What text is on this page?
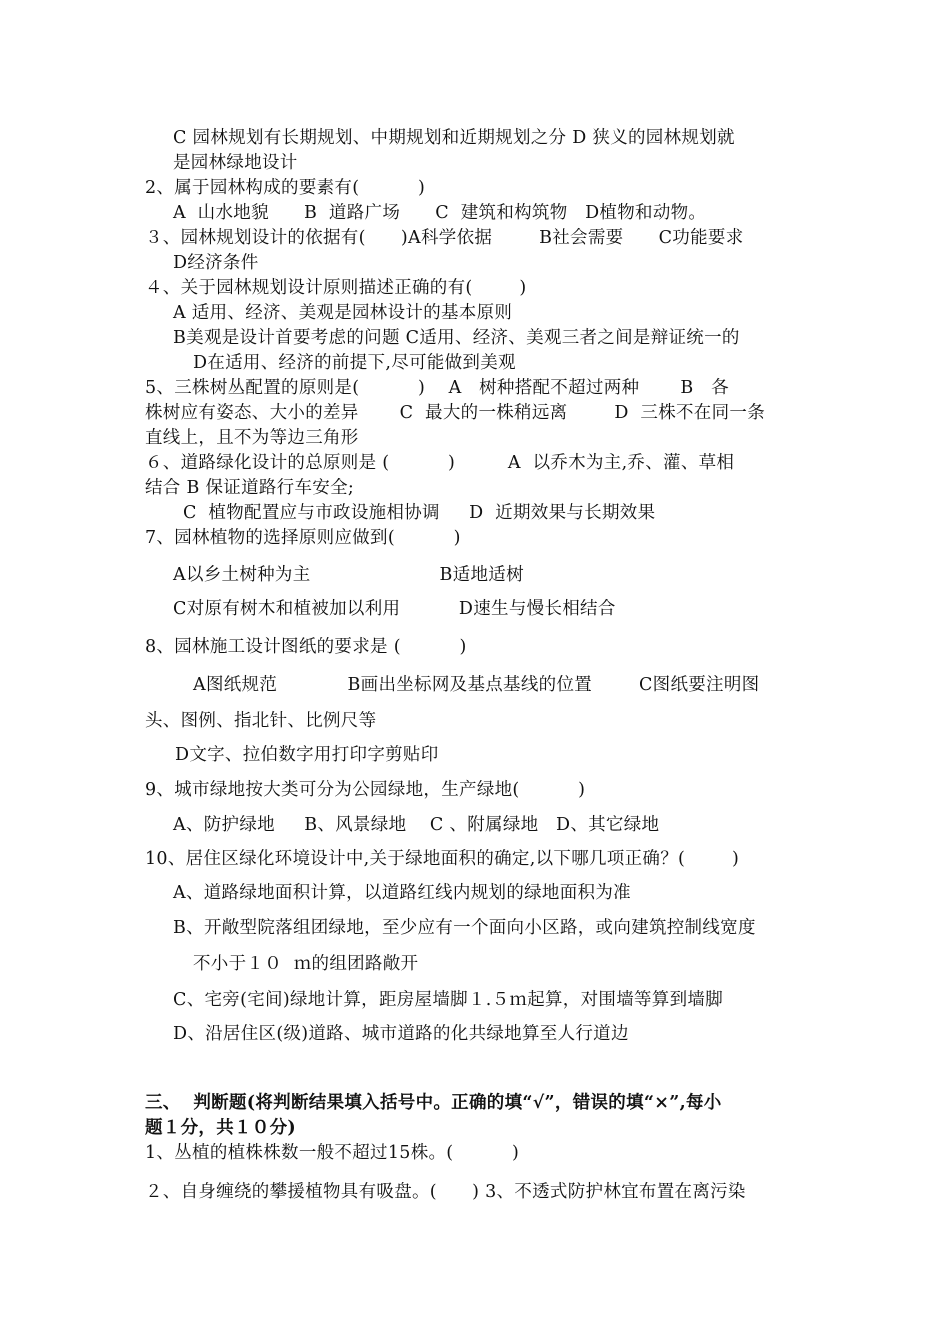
C 园林规划有长期规划、中期规划和近期规划之分 ﻿D 狭义的园林规划就
是园林绿地设计
2、属于园林构成的要素有(          )
A  山水地貌      B  道路广场      C  建筑和构筑物   D植物和动物。
３、园林规划设计的依据有(      )﻿A科学依据        B社会需要      C功能要求
D经济条件
４、关于园林规划设计原则描述正确的有(        )
A 适用、经济、美观是园林设计的基本原则
B美观是设计首要考虑的问题 ﻿C适用、经济、美观三者之间是辩证统一的
D在适用、经济的前提下,尽可能做到美观
5、三株树丛配置的原则是(          )﻿    A   树种搭配不超过两种       B   各
株树应有姿态、大小的差异  ﻿     C  最大的一株稍远离        D  三株不在同一条
直线上，且不为等边三角形
６、道路绿化设计的总原则是 (          )﻿         A  以乔木为主,乔、灌、草相
结合 B 保证道路行车安全;
C  植物配置应与市政设施相协调     D  近期效果与长期效果
7、园林植物的选择原则应做到(          )
A以乡土树种为主                      B适地适树
C对原有树木和植被加以利用          D速生与慢长相结合
8、园林施工设计图纸的要求是 (          )
A图纸规范            B画出坐标网及基点基线的位置﻿        C图纸要注明图
头、图例、指北针、比例尺等
D文字、拉伯数字用打印字剪贴印
9、城市绿地按大类可分为公园绿地，生产绿地(          )
A、防护绿地     B、风景绿地    C 、附属绿地   D、其它绿地
10、居住区绿化环境设计中,关于绿地面积的确定,以下哪几项正确？(        )
A、道路绿地面积计算，以道路红线内规划的绿地面积为准
B、开敞型院落组团绿地，至少应有一个面向小区路，或向建筑控制线宽度
不小于１０  ｍ的组团路敞开
C、宅旁(宅间)绿地计算，距房屋墙脚１.５ｍ起算，对围墙等算到墙脚
D、沿居住区(级)道路、城市道路的化共绿地算至人行道边
三、  判断题(将判断结果填入括号中。正确的填“√”，错误的填“×”,每小
题１分，共１０分)
1、丛植的植株株数一般不超过15株。(          )
２、自身缠绕的攀援植物具有吸盘。(      ) 3﻿、不透式防护林宜布置在离污染
